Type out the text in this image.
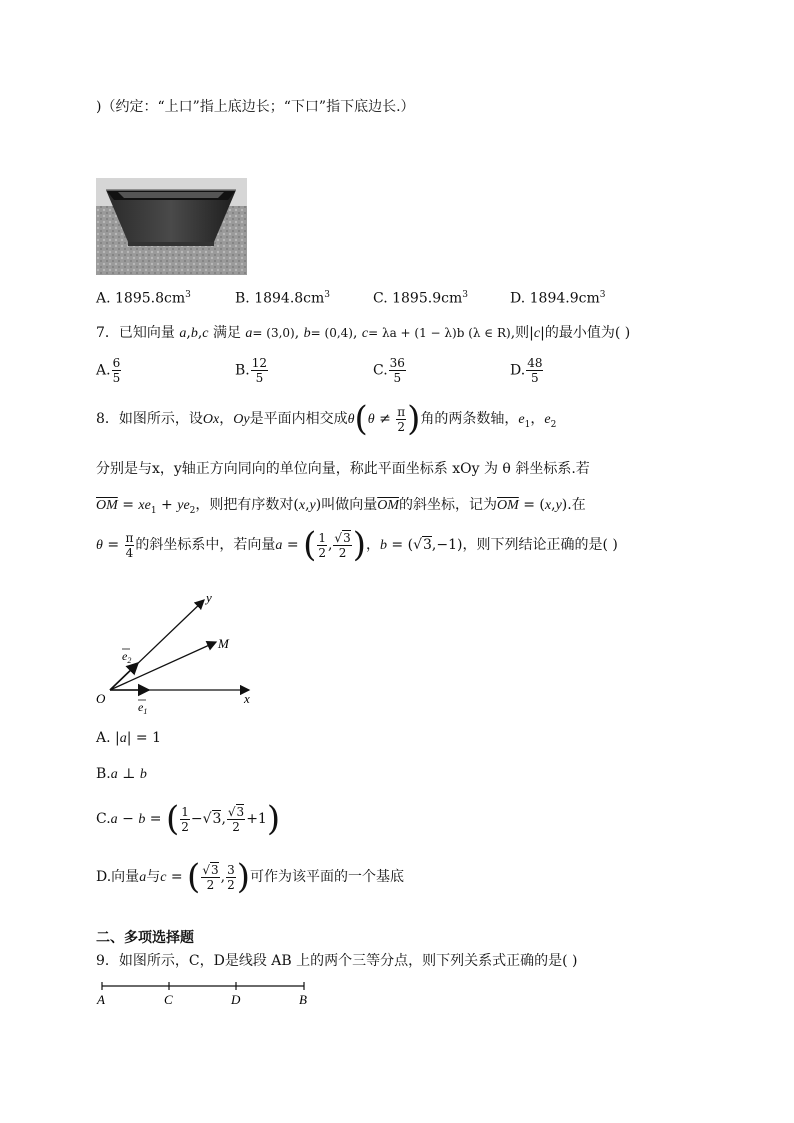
)（约定：“上口”指上底边长；“下口”指下底边长.）
A. $1895.8cm^3$	B. $1894.8cm^3$	C. $1895.9cm^3$	D. $1894.9cm^3$
7．已知向量 a,b,c 满足 a= (3,0), b= (0,4), c= λa + (1 − λ)b (λ ∈ R),则|c|的最小值为( )
A. $\frac{6}{5}$	B. $\frac{12}{5}$	C. $\frac{36}{5}$	D. $\frac{48}{5}$
8．如图所示，设Ox，Oy是平面内相交成$\theta(\theta \ne \frac{\pi}{2}$ )角的两条数轴，$e_1$，$e_2$
分别是与x，y轴正方向同向的单位向量，称此平面坐标系 xOy 为 θ 斜坐标系.若
$\overline{OM} = xe_1 + ye_2$，则把有序数对(x,y)叫做向量$\overline{OM}$的斜坐标，记为$\overline{OM} = (x,y)$.在
$\theta = \frac{\pi}{4}$ 的斜坐标系中，若向量a = ( $\frac{1}{2}$ , $\frac{√3}{2}$ )，b = (√3,−1)，则下列结论正确的是( )
y
M
O	x
$e_1$
$e_2$
A. |a| = 1
B.a ⊥ b
C.a − b = ( $\frac{1}{2} -√3$, $\frac{√3}{2} +1$)
D.向量a与c = ( $\frac{√3}{2}$ , $\frac{3}{2}$ )可作为该平面的一个基底
二、多项选择题
9．如图所示，C，D是线段 AB 上的两个三等分点，则下列关系式正确的是( )
A	C	D	B
